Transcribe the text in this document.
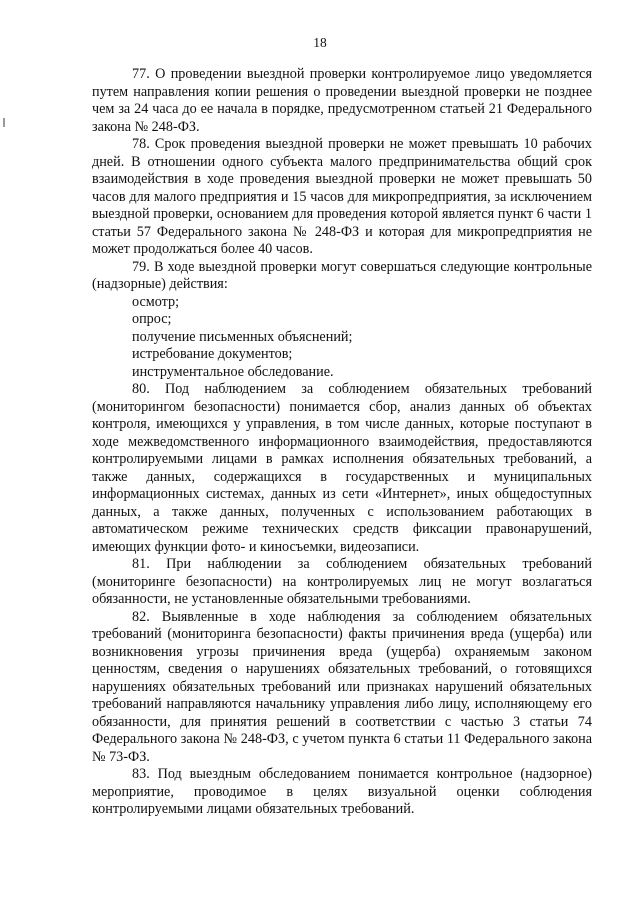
18

77. О проведении выездной проверки контролируемое лицо уведомляется путем направления копии решения о проведении выездной проверки не позднее чем за 24 часа до ее начала в порядке, предусмотренном статьей 21 Федерального закона № 248-ФЗ.

78. Срок проведения выездной проверки не может превышать 10 рабочих дней. В отношении одного субъекта малого предпринимательства общий срок взаимодействия в ходе проведения выездной проверки не может превышать 50 часов для малого предприятия и 15 часов для микропредприятия, за исключением выездной проверки, основанием для проведения которой является пункт 6 части 1 статьи 57 Федерального закона № 248-ФЗ и которая для микропредприятия не может продолжаться более 40 часов.

79. В ходе выездной проверки могут совершаться следующие контрольные (надзорные) действия:

осмотр;

опрос;

получение письменных объяснений;

истребование документов;

инструментальное обследование.

80. Под наблюдением за соблюдением обязательных требований (мониторингом безопасности) понимается сбор, анализ данных об объектах контроля, имеющихся у управления, в том числе данных, которые поступают в ходе межведомственного информационного взаимодействия, предоставляются контролируемыми лицами в рамках исполнения обязательных требований, а также данных, содержащихся в государственных и муниципальных информационных системах, данных из сети «Интернет», иных общедоступных данных, а также данных, полученных с использованием работающих в автоматическом режиме технических средств фиксации правонарушений, имеющих функции фото- и киносъемки, видеозаписи.

81. При наблюдении за соблюдением обязательных требований (мониторинге безопасности) на контролируемых лиц не могут возлагаться обязанности, не установленные обязательными требованиями.

82. Выявленные в ходе наблюдения за соблюдением обязательных требований (мониторинга безопасности) факты причинения вреда (ущерба) или возникновения угрозы причинения вреда (ущерба) охраняемым законом ценностям, сведения о нарушениях обязательных требований, о готовящихся нарушениях обязательных требований или признаках нарушений обязательных требований направляются начальнику управления либо лицу, исполняющему его обязанности, для принятия решений в соответствии с частью 3 статьи 74 Федерального закона № 248-ФЗ, с учетом пункта 6 статьи 11 Федерального закона № 73-ФЗ.

83. Под выездным обследованием понимается контрольное (надзорное) мероприятие, проводимое в целях визуальной оценки соблюдения контролируемыми лицами обязательных требований.
